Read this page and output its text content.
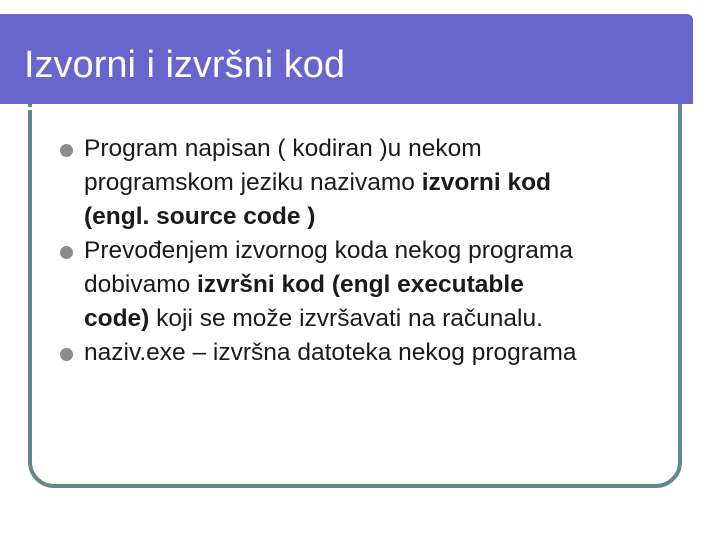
Izvorni i izvršni kod
Program napisan ( kodiran )u nekom
programskom jeziku nazivamo izvorni kod
(engl. source code )
Prevođenjem izvornog koda nekog programa
dobivamo izvršni kod (engl executable
code) koji se može izvršavati na računalu.
naziv.exe – izvršna datoteka nekog programa
